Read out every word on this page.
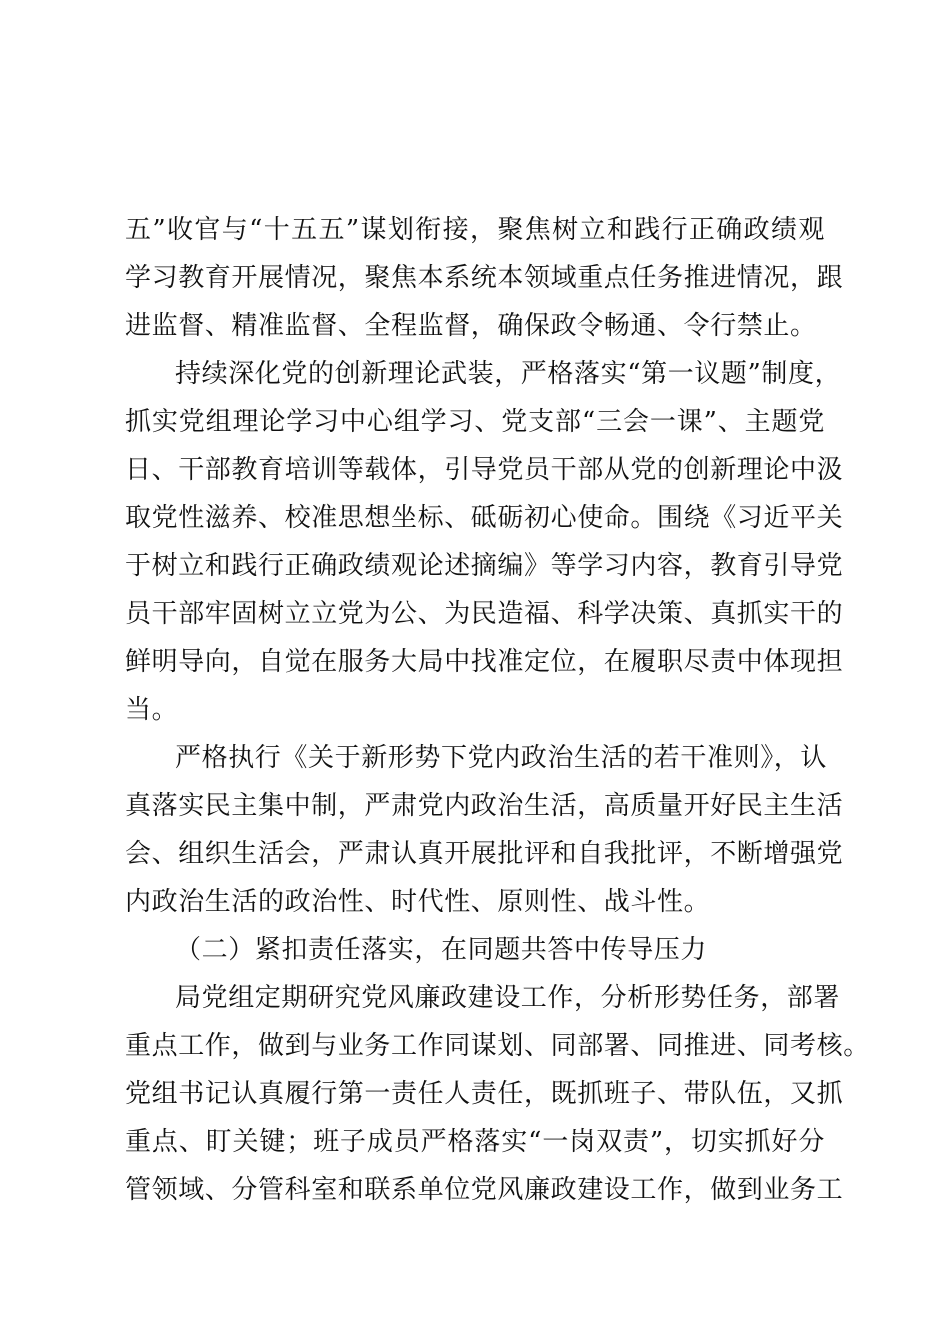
五”收官与“十五五”谋划衔接，聚焦树立和践行正确政绩观
学习教育开展情况，聚焦本系统本领域重点任务推进情况，跟
进监督、精准监督、全程监督，确保政令畅通、令行禁止。
持续深化党的创新理论武装，严格落实“第一议题”制度，
抓实党组理论学习中心组学习、党支部“三会一课”、主题党
日、干部教育培训等载体，引导党员干部从党的创新理论中汲
取党性滋养、校准思想坐标、砥砺初心使命。围绕《习近平关
于树立和践行正确政绩观论述摘编》等学习内容，教育引导党
员干部牢固树立立党为公、为民造福、科学决策、真抓实干的
鲜明导向，自觉在服务大局中找准定位，在履职尽责中体现担
当。
严格执行《关于新形势下党内政治生活的若干准则》，认
真落实民主集中制，严肃党内政治生活，高质量开好民主生活
会、组织生活会，严肃认真开展批评和自我批评，不断增强党
内政治生活的政治性、时代性、原则性、战斗性。
（二）紧扣责任落实，在同题共答中传导压力
局党组定期研究党风廉政建设工作，分析形势任务，部署
重点工作，做到与业务工作同谋划、同部署、同推进、同考核。
党组书记认真履行第一责任人责任，既抓班子、带队伍，又抓
重点、盯关键；班子成员严格落实“一岗双责”，切实抓好分
管领域、分管科室和联系单位党风廉政建设工作，做到业务工
